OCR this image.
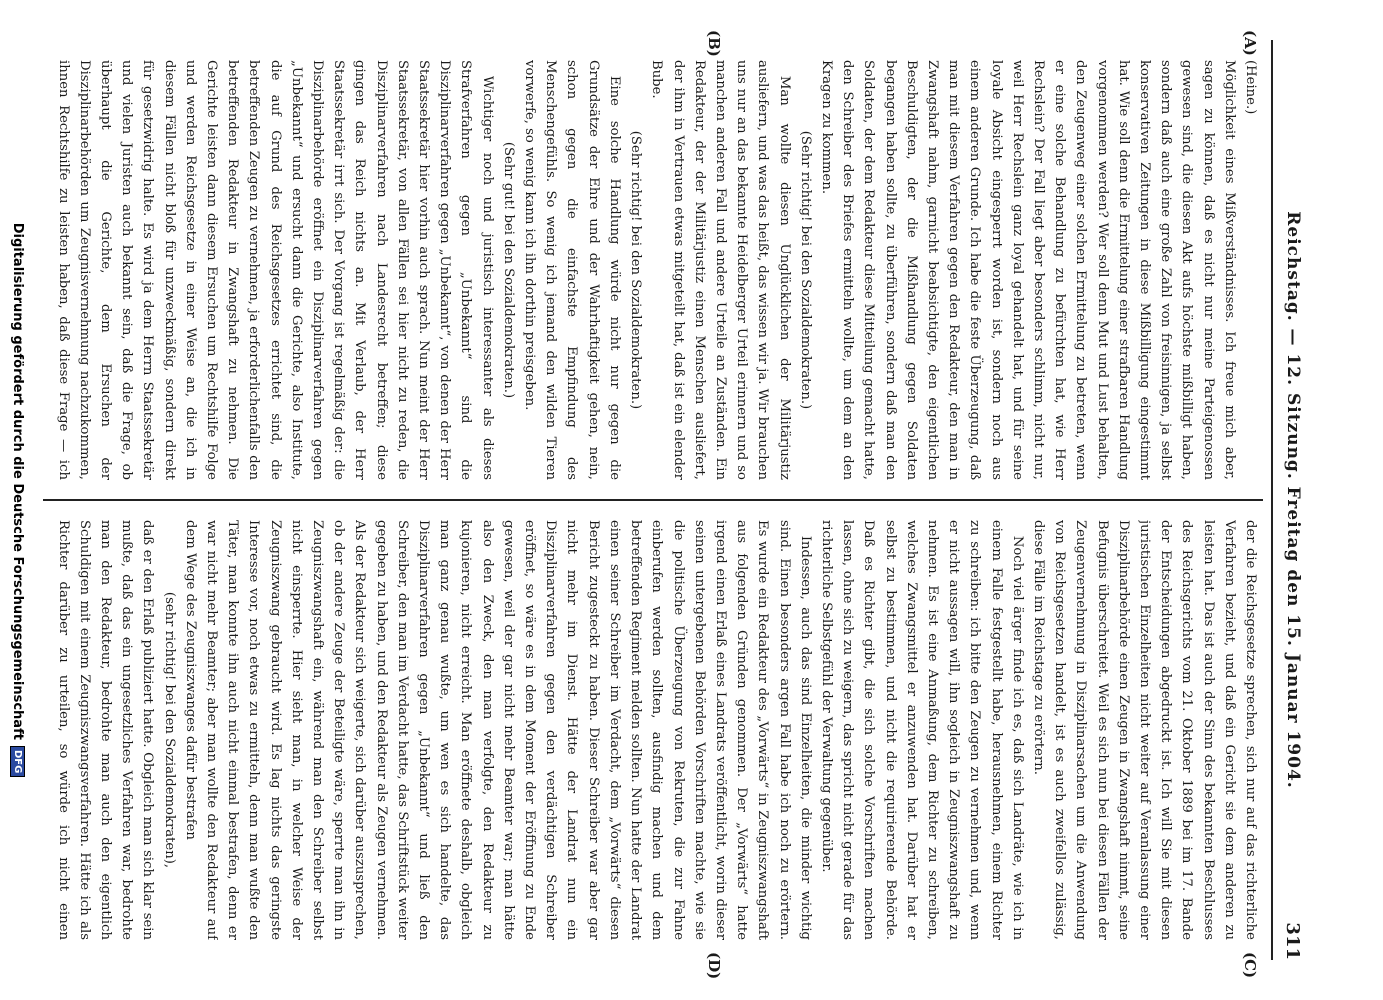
Reichstag. — 12. Sitzung. Freitag den 15. Januar 1904.
311
(A)
(B)
(C)
(D)

(Heine.)

Möglichkeit eines Mißverständnisses. Ich freue mich aber, sagen zu können, daß es nicht nur meine Parteigenossen gewesen sind, die diesen Akt aufs höchste mißbilligt haben, sondern daß auch eine große Zahl von freisinnigen, ja selbst konservativen Zeitungen in diese Mißbilligung eingestimmt hat. Wie soll denn die Ermittelung einer strafbaren Handlung vorgenommen werden? Wer soll denn Mut und Lust behalten, den Zeugenweg einer solchen Ermittelung zu betreten, wenn er eine solche Behandlung zu befürchten hat, wie Herr Rechslein? Der Fall liegt aber besonders schlimm, nicht nur, weil Herr Rechslein ganz loyal gehandelt hat, und für seine loyale Absicht eingesperrt worden ist, sondern noch aus einem anderen Grunde. Ich habe die feste Überzeugung, daß man mit diesem Verfahren gegen den Redakteur, den man in Zwangshaft nahm, garnicht beabsichtigte, den eigentlichen Beschuldigten, der die Mißhandlung gegen Soldaten begangen haben sollte, zu überführen, sondern daß man den Soldaten, der dem Redakteur diese Mitteilung gemacht hatte, den Schreiber des Briefes ermitteln wollte, um dem an den Kragen zu kommen.

(Sehr richtig! bei den Sozialdemokraten.)

Man wollte diesen Unglücklichen der Militärjustiz ausliefern, und was das heißt, das wissen wir ja. Wir brauchen uns nur an das bekannte Heidelberger Urteil erinnern und so manchen anderen Fall und andere Urteile an Zuständen. Ein Redakteur, der der Militärjustiz einen Menschen ausliefert, der ihm in Vertrauen etwas mitgeteilt hat, daß ist ein elender Bube.

(Sehr richtig! bei den Sozialdemokraten.)

Eine solche Handlung würde nicht nur gegen die Grundsätze der Ehre und der Wahrhaftigkeit gehen, nein, schon gegen die einfachste Empfindung des Menschengefühls. So wenig ich jemand den wilden Tieren vorwerfe, so wenig kann ich ihn dorthin preisgeben.

(Sehr gut! bei den Sozialdemokraten.)

Wichtiger noch und juristisch interessanter als dieses Strafverfahren gegen „Unbekannt“ sind die Disziplinarverfahren gegen „Unbekannt“, von denen der Herr Staatssekretär hier vorhin auch sprach. Nun meint der Herr Staatssekretär, von allen Fällen sei hier nicht zu reden, die Disziplinarverfahren nach Landesrecht betreffen; diese gingen das Reich nichts an. Mit Verlaub, der Herr Staatssekretär irrt sich. Der Vorgang ist regelmäßig der: die Disziplinarbehörde eröffnet ein Disziplinarverfahren gegen „Unbekannt“ und ersucht dann die Gerichte, also Institute, die auf Grund des Reichsgesetzes errichtet sind, die betreffenden Zeugen zu vernehmen, ja erforderlichenfalls den betreffenden Redakteur in Zwangshaft zu nehmen. Die Gerichte leisten dann diesem Ersuchen um Rechtshilfe Folge und werden Reichsgesetze in einer Weise an, die ich in diesem Fällen nicht bloß für unzweckmäßig, sondern direkt für gesetzwidrig halte. Es wird ja dem Herrn Staatssekretär und vielen Juristen auch bekannt sein, daß die Frage, ob überhaupt die Gerichte, dem Ersuchen der Disziplinarbehörden um Zeugnisvernehmung nachzukommen, ihnen Rechtshilfe zu leisten haben, daß diese Frage — ich

der die Reichsgesetze sprechen, sich nur auf das richterliche Verfahren bezieht, und daß ein Gericht sie dem anderen zu leisten hat. Das ist auch der Sinn des bekannten Beschlusses des Reichsgerichts vom 21. Oktober 1889 bei im 17. Bande der Entscheidungen abgedruckt ist. Ich will Sie mit diesen juristischen Einzelheiten nicht weiter auf Veranlassung einer Disziplinarbehörde einen Zeugen in Zwangshaft nimmt, seine Befugnis überschreitet. Weil es sich nun bei diesen Fällen der Zeugenvernehmung in Disziplinarsachen um die Anwendung von Reichsgesetzen handelt, ist es auch zweifellos zulässig, diese Fälle im Reichstage zu erörtern.

Noch viel ärger finde ich es, daß sich Landräte, wie ich in einem Falle festgestellt habe, herausnehmen, einem Richter zu schreiben: ich bitte den Zeugen zu vernehmen und, wenn er nicht aussagen will, ihn sogleich in Zeugniszwangshaft zu nehmen. Es ist eine Anmaßung, dem Richter zu schreiben, welches Zwangsmittel er anzuwenden hat. Darüber hat er selbst zu bestimmen, und nicht die requirierende Behörde. Daß es Richter gibt, die sich solche Vorschriften machen lassen, ohne sich zu weigern, das spricht nicht gerade für das richterliche Selbstgefühl der Verwaltung gegenüber.

Indessen, auch das sind Einzelheiten, die minder wichtig sind. Einen besonders argen Fall habe ich noch zu erörtern. Es wurde ein Redakteur des „Vorwärts“ in Zeugniszwangshaft aus folgenden Gründen genommen. Der „Vorwärts“ hatte irgend einen Erlaß eines Landrats veröffentlicht, worin dieser seinen untergebenen Behörden Vorschriften machte, wie sie die politische Überzeugung von Rekruten, die zur Fahne einberufen werden sollten, ausfindig machen und dem betreffenden Regiment melden sollten. Nun hatte der Landrat einen seiner Schreiber im Verdacht, dem „Vorwärts“ diesen Bericht zugesteckt zu haben. Dieser Schreiber war aber gar nicht mehr im Dienst. Hätte der Landrat nun ein Disziplinarverfahren gegen den verdächtigen Schreiber eröffnet, so wäre es in dem Moment der Eröffnung zu Ende gewesen, weil der gar nicht mehr Beamter war; man hätte also den Zweck, den man verfolgte, den Redakteur zu kujonieren, nicht erreicht. Man eröffnete deshalb, obgleich man ganz genau wußte, um wen es sich handelte, das Disziplinarverfahren gegen „Unbekannt“ und ließ den Schreiber, den man im Verdacht hatte, das Schriftstück weiter gegeben zu haben, und den Redakteur als Zeugen vernehmen. Als der Redakteur sich weigerte, sich darüber auszusprechen, ob der andere Zeuge der Beteiligte wäre, sperrte man ihn in Zeugniszwangshaft ein, während man den Schreiber selbst nicht einsperrte. Hier sieht man, in welcher Weise der Zeugniszwang gebraucht wird. Es lag nichts das geringste Interesse vor, noch etwas zu ermitteln, denn man wußte den Täter, man konnte ihn auch nicht einmal bestrafen, denn er war nicht mehr Beamter; aber man wollte den Redakteur auf dem Wege des Zeugniszwanges dafür bestrafen

(sehr richtig! bei den Sozialdemokraten),

daß er den Erlaß publiziert hatte. Obgleich man sich klar sein mußte, daß das ein ungesetzliches Verfahren war, bedrohte man den Redakteur, bedrohte man auch den eigentlich Schuldigen mit einem Zeugniszwangsverfahren. Hätte ich als Richter darüber zu urteilen, so würde ich nicht einen

Digitalisierung gefördert durch die Deutsche ForschungsgemeinschaftDFG
